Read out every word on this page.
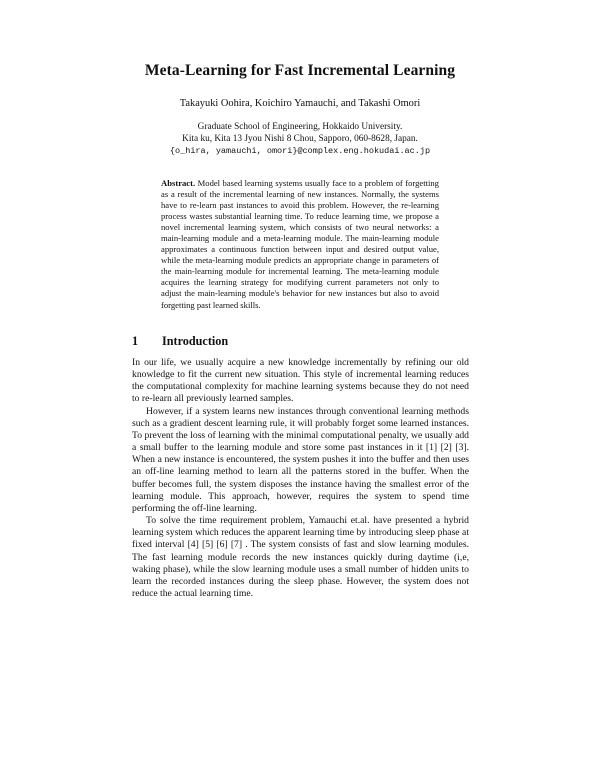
Meta-Learning for Fast Incremental Learning
Takayuki Oohira, Koichiro Yamauchi, and Takashi Omori
Graduate School of Engineering, Hokkaido University.
Kita ku, Kita 13 Jyou Nishi 8 Chou, Sapporo, 060-8628, Japan.
{o_hira, yamauchi, omori}@complex.eng.hokudai.ac.jp
Abstract. Model based learning systems usually face to a problem of forgetting as a result of the incremental learning of new instances. Normally, the systems have to re-learn past instances to avoid this problem. However, the re-learning process wastes substantial learning time. To reduce learning time, we propose a novel incremental learning system, which consists of two neural networks: a main-learning module and a meta-learning module. The main-learning module approximates a continuous function between input and desired output value, while the meta-learning module predicts an appropriate change in parameters of the main-learning module for incremental learning. The meta-learning module acquires the learning strategy for modifying current parameters not only to adjust the main-learning module's behavior for new instances but also to avoid forgetting past learned skills.
1 Introduction

In our life, we usually acquire a new knowledge incrementally by refining our old knowledge to fit the current new situation. This style of incremental learning reduces the computational complexity for machine learning systems because they do not need to re-learn all previously learned samples.

However, if a system learns new instances through conventional learning methods such as a gradient descent learning rule, it will probably forget some learned instances. To prevent the loss of learning with the minimal computational penalty, we usually add a small buffer to the learning module and store some past instances in it [1] [2] [3]. When a new instance is encountered, the system pushes it into the buffer and then uses an off-line learning method to learn all the patterns stored in the buffer. When the buffer becomes full, the system disposes the instance having the smallest error of the learning module. This approach, however, requires the system to spend time performing the off-line learning.

To solve the time requirement problem, Yamauchi et.al. have presented a hybrid learning system which reduces the apparent learning time by introducing sleep phase at fixed interval [4] [5] [6] [7] . The system consists of fast and slow learning modules. The fast learning module records the new instances quickly during daytime (i,e, waking phase), while the slow learning module uses a small number of hidden units to learn the recorded instances during the sleep phase. However, the system does not reduce the actual learning time.
